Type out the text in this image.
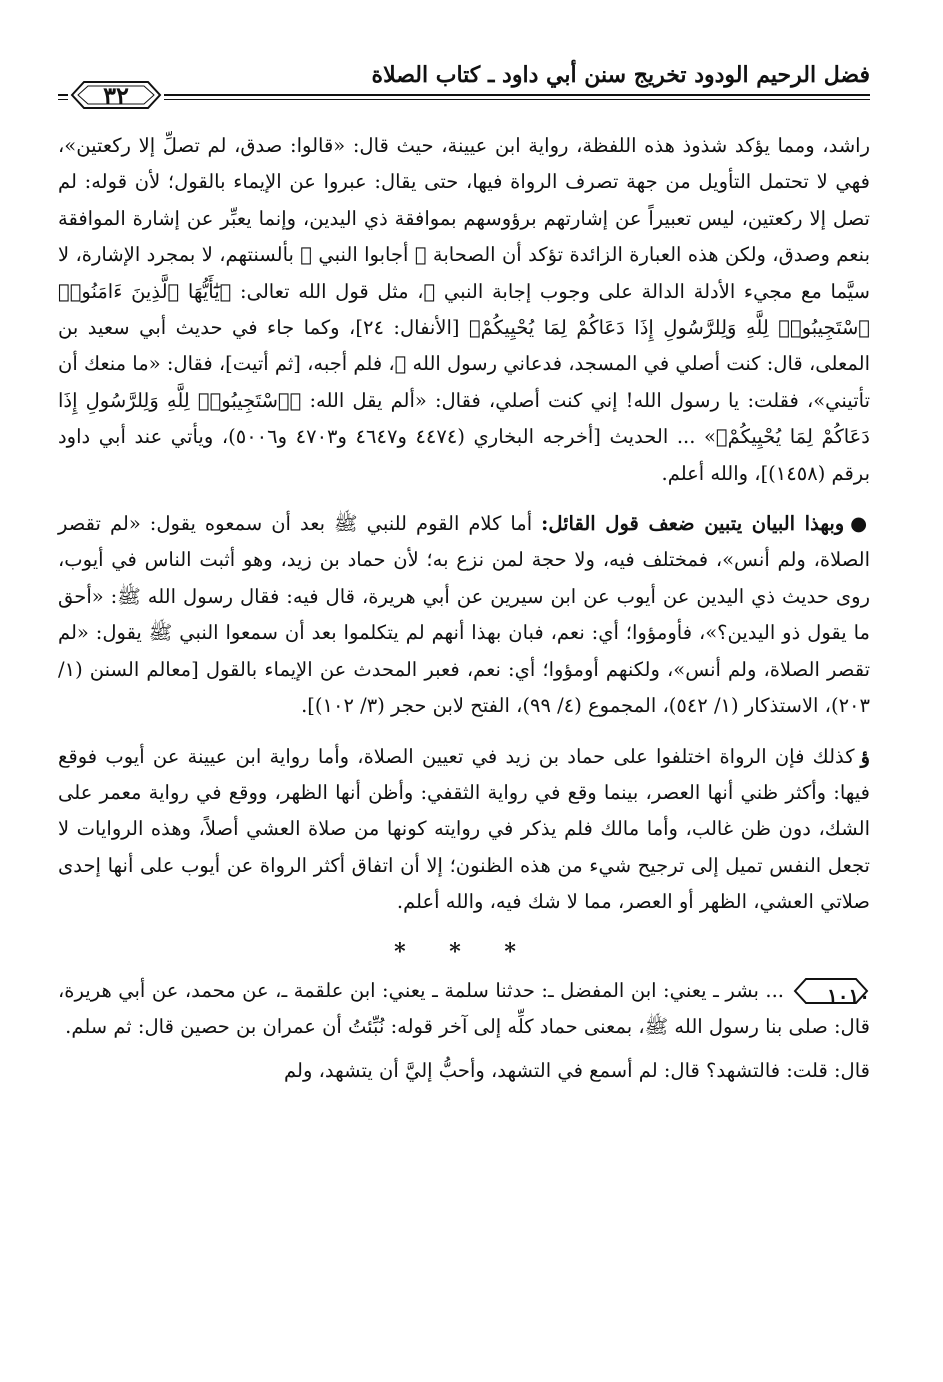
فضل الرحيم الودود تخريج سنن أبي داود ـ كتاب الصلاة
٣٢

راشد، ومما يؤكد شذوذ هذه اللفظة، رواية ابن عيينة، حيث قال: «قالوا: صدق، لم تصلِّ إلا ركعتين»، فهي لا تحتمل التأويل من جهة تصرف الرواة فيها، حتى يقال: عبروا عن الإيماء بالقول؛ لأن قوله: لم تصل إلا ركعتين، ليس تعبيراً عن إشارتهم برؤوسهم بموافقة ذي اليدين، وإنما يعبِّر عن إشارة الموافقة بنعم وصدق، ولكن هذه العبارة الزائدة تؤكد أن الصحابة ﷺ أجابوا النبي ﷺ بألسنتهم، لا بمجرد الإشارة، لا سيَّما مع مجيء الأدلة الدالة على وجوب إجابة النبي ﷺ، مثل قول الله تعالى: ﴿يَٰٓأَيُّهَا ٱلَّذِينَ ءَامَنُوا۟ ٱسْتَجِيبُوا۟ لِلَّهِ وَلِلرَّسُولِ إِذَا دَعَاكُمْ لِمَا يُحْيِيكُمْ﴾ [الأنفال: ٢٤]، وكما جاء في حديث أبي سعيد بن المعلى، قال: كنت أصلي في المسجد، فدعاني رسول الله ﷺ، فلم أجبه، [ثم أتيت]، فقال: «ما منعك أن تأتيني»، فقلت: يا رسول الله! إني كنت أصلي، فقال: «ألم يقل الله: ﴿ٱسْتَجِيبُوا۟ لِلَّهِ وَلِلرَّسُولِ إِذَا دَعَاكُمْ لِمَا يُحْيِيكُمْ﴾» ... الحديث [أخرجه البخاري (٤٤٧٤ و٤٦٤٧ و٤٧٠٣ و٥٠٠٦)، ويأتي عند أبي داود برقم (١٤٥٨)]، والله أعلم.

●وبهذا البيان يتبين ضعف قول القائل: أما كلام القوم للنبي ﷺ بعد أن سمعوه يقول: «لم تقصر الصلاة، ولم أنس»، فمختلف فيه، ولا حجة لمن نزع به؛ لأن حماد بن زيد، وهو أثبت الناس في أيوب، روى حديث ذي اليدين عن أيوب عن ابن سيرين عن أبي هريرة، قال فيه: فقال رسول الله ﷺ: «أحق ما يقول ذو اليدين؟»، فأومؤوا؛ أي: نعم، فبان بهذا أنهم لم يتكلموا بعد أن سمعوا النبي ﷺ يقول: «لم تقصر الصلاة، ولم أنس»، ولكنهم أومؤوا؛ أي: نعم، فعبر المحدث عن الإيماء بالقول [معالم السنن (١/ ٢٠٣)، الاستذكار (١/ ٥٤٢)، المجموع (٤/ ٩٩)، الفتح لابن حجر (٣/ ١٠٢)].

ؤكذلك فإن الرواة اختلفوا على حماد بن زيد في تعيين الصلاة، وأما رواية ابن عيينة عن أيوب فوقع فيها: وأكثر ظني أنها العصر، بينما وقع في رواية الثقفي: وأظن أنها الظهر، ووقع في رواية معمر على الشك، دون ظن غالب، وأما مالك فلم يذكر في روايته كونها من صلاة العشي أصلاً، وهذه الروايات لا تجعل النفس تميل إلى ترجيح شيء من هذه الظنون؛ إلا أن اتفاق أكثر الرواة عن أيوب على أنها إحدى صلاتي العشي، الظهر أو العصر، مما لا شك فيه، والله أعلم.

* * *

١٠١٠
... بشر ـ يعني: ابن المفضل ـ: حدثنا سلمة ـ يعني: ابن علقمة ـ، عن محمد، عن أبي هريرة، قال: صلى بنا رسول الله ﷺ، بمعنى حماد كلِّه إلى آخر قوله: نُبِّئتُ أن عمران بن حصين قال: ثم سلم.

قال: قلت: فالتشهد؟ قال: لم أسمع في التشهد، وأحبُّ إليَّ أن يتشهد، ولم
